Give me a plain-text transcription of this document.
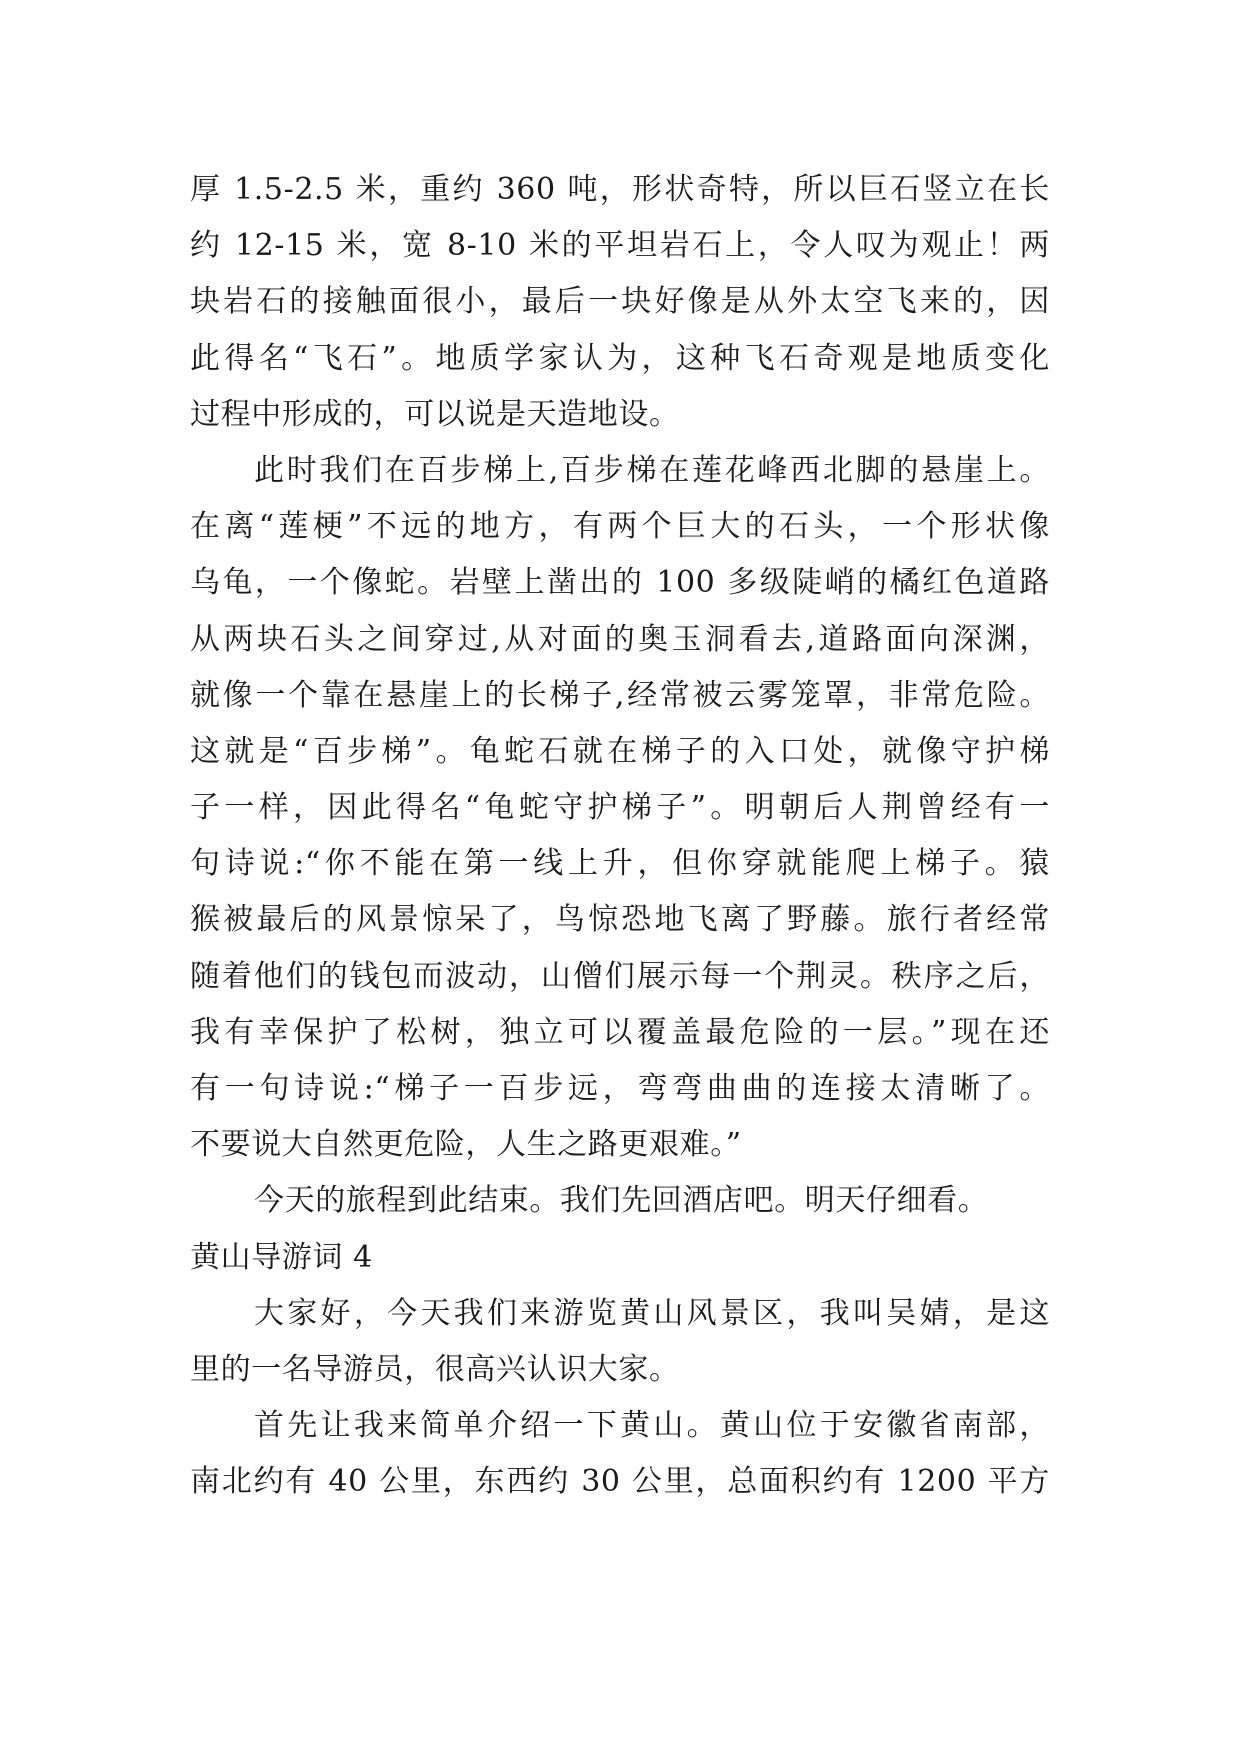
厚 1.5-2.5 米，重约 360 吨，形状奇特，所以巨石竖立在长
约 12-15 米，宽 8-10 米的平坦岩石上，令人叹为观止！两
块岩石的接触面很小，最后一块好像是从外太空飞来的，因
此得名“飞石”。地质学家认为，这种飞石奇观是地质变化
过程中形成的，可以说是天造地设。
此时我们在百步梯上,百步梯在莲花峰西北脚的悬崖上。
在离“莲梗”不远的地方，有两个巨大的石头，一个形状像
乌龟，一个像蛇。岩壁上凿出的 100 多级陡峭的橘红色道路
从两块石头之间穿过,从对面的奥玉洞看去,道路面向深渊，
就像一个靠在悬崖上的长梯子,经常被云雾笼罩，非常危险。
这就是“百步梯”。龟蛇石就在梯子的入口处，就像守护梯
子一样，因此得名“龟蛇守护梯子”。明朝后人荆曾经有一
句诗说:“你不能在第一线上升，但你穿就能爬上梯子。猿
猴被最后的风景惊呆了，鸟惊恐地飞离了野藤。旅行者经常
随着他们的钱包而波动，山僧们展示每一个荆灵。秩序之后，
我有幸保护了松树，独立可以覆盖最危险的一层。”现在还
有一句诗说:“梯子一百步远，弯弯曲曲的连接太清晰了。
不要说大自然更危险，人生之路更艰难。”
今天的旅程到此结束。我们先回酒店吧。明天仔细看。
黄山导游词 4
大家好，今天我们来游览黄山风景区，我叫吴婧，是这
里的一名导游员，很高兴认识大家。
首先让我来简单介绍一下黄山。黄山位于安徽省南部，
南北约有 40 公里，东西约 30 公里，总面积约有 1200 平方
